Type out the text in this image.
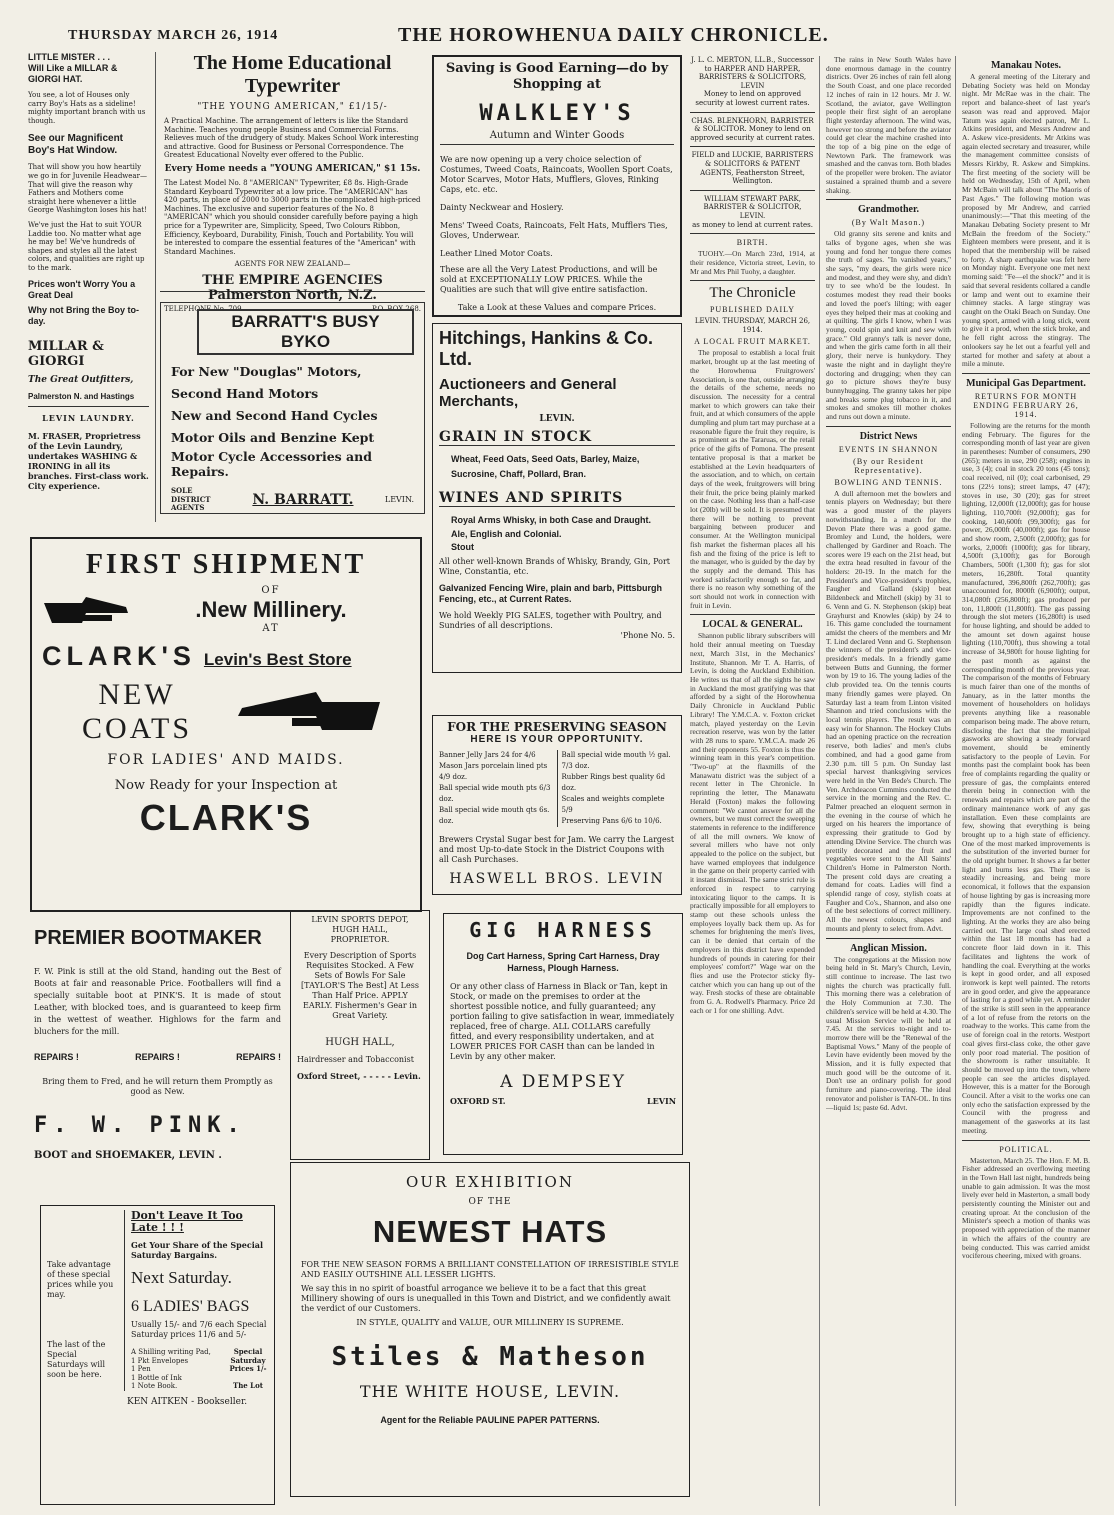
THURSDAY MARCH 26, 1914	THE HOROWHENUA DAILY CHRONICLE.
LITTLE MISTER . . .
Will Like a MILLAR & GIORGI HAT.
You see, a lot of Houses only carry Boy's Hats as a sideline! mighty important branch with us though.
See our Magnificent Boy's Hat Window.
That will show you how heartily we go in for Juvenile Headwear—That will give the reason why Fathers and Mothers come straight here whenever a little George Washington loses his hat!
We've just the Hat to suit YOUR Laddie too. No matter what age he may be! We've hundreds of shapes and styles all the latest colors, and qualities are right up to the mark.
Prices won't Worry You a Great Deal
Why not Bring the Boy to-day.
MILLAR & GIORGI
The Great Outfitters,
Palmerston N. and Hastings
LEVIN LAUNDRY.
M. FRASER, Proprietress of the Levin Laundry, undertakes WASHING & IRONING in all its branches. First-class work. City experience.
The Home Educational Typewriter
"THE YOUNG AMERICAN," £1/15/-
A Practical Machine. The arrangement of letters is like the Standard Machine. Teaches young people Business and Commercial Forms. Relieves much of the drudgery of study. Makes School Work interesting and attractive. Good for Business or Personal Correspondence. The Greatest Educational Novelty ever offered to the Public.
Every Home needs a "YOUNG AMERICAN," $1 15s.
The Latest Model No. 8 "AMERICAN" Typewriter, £8 8s. High-Grade Standard Keyboard Typewriter at a low price. The "AMERICAN" has 420 parts, in place of 2000 to 3000 parts in the complicated high-priced Machines. The exclusive and superior features of the No. 8 "AMERICAN" which you should consider carefully before paying a high price for a Typewriter are, Simplicity, Speed, Two Colours Ribbon, Efficiency, Keyboard, Durability, Finish, Touch and Portability. You will be interested to compare the essential features of the "American" with Standard Machines.
AGENTS FOR NEW ZEALAND—
THE EMPIRE AGENCIES Palmerston North, N.Z.
TELEPHONE No. 709.	P.O. BOX 268.
BARRATT'S BUSY BYKO
For New "Douglas" Motors,
Second Hand Motors
New and Second Hand Cycles
Motor Oils and Benzine Kept
Motor Cycle Accessories and Repairs.
SOLE DISTRICT AGENTS	N. BARRATT.	LEVIN.
FIRST SHIPMENT
OF
.New Millinery.
AT
CLARK'S Levin's Best Store
NEW
COATS
FOR LADIES' AND MAIDS.
Now Ready for your Inspection at
CLARK'S
PREMIER BOOTMAKER
F. W. Pink is still at the old Stand, handing out the Best of Boots at fair and reasonable Price. Footballers will find a specially suitable boot at PINK'S. It is made of stout Leather, with blocked toes, and is guaranteed to keep firm in the wettest of weather. Highlows for the farm and bluchers for the mill.
REPAIRS !	REPAIRS !	REPAIRS !
Bring them to Fred, and he will return them Promptly as good as New.
F. W. PINK.
BOOT and SHOEMAKER, LEVIN .
LEVIN SPORTS DEPOT,
HUGH HALL,
PROPRIETOR.
Every Description of Sports Requisites Stocked. A Few Sets of Bowls For Sale [TAYLOR'S The Best] At Less Than Half Price. APPLY EARLY. Fishermen's Gear in Great Variety.
HUGH HALL,
Hairdresser and Tobacconist
Oxford Street, - - - - - Levin.
Take advantage of these special prices while you may.
The last of the Special Saturdays will soon be here.
Don't Leave It Too Late ! ! !
Get Your Share of the Special Saturday Bargains.
Next Saturday.
6 LADIES' BAGS
Usually 15/- and 7/6 each Special Saturday prices 11/6 and 5/-
A Shilling writing Pad,
1 Pkt Envelopes
1 Pen
1 Bottle of Ink
1 Note Book.
Special Saturday Prices 1/-
The Lot
KEN AITKEN - Bookseller.
Saving is Good Earning—do by Shopping at
WALKLEY'S
Autumn and Winter Goods
We are now opening up a very choice selection of Costumes, Tweed Coats, Raincoats, Woollen Sport Coats, Motor Scarves, Motor Hats, Mufflers, Gloves, Rinking Caps, etc. etc.
Dainty Neckwear and Hosiery.
Mens' Tweed Coats, Raincoats, Felt Hats, Mufflers Ties, Gloves, Underwear.
Leather Lined Motor Coats.
These are all the Very Latest Productions, and will be sold at EXCEPTIONALLY LOW PRICES. While the Qualities are such that will give entire satisfaction.
Take a Look at these Values and compare Prices.
Hitchings, Hankins & Co. Ltd.
Auctioneers and General Merchants,
LEVIN.
GRAIN IN STOCK
Wheat, Feed Oats, Seed Oats, Barley, Maize, Sucrosine, Chaff, Pollard, Bran.
WINES AND SPIRITS
Royal Arms Whisky, in both Case and Draught.
Ale, English and Colonial.
Stout
All other well-known Brands of Whisky, Brandy, Gin, Port Wine, Constantia, etc.
Galvanized Fencing Wire, plain and barb, Pittsburgh Fencing, etc., at Current Rates.
We hold Weekly PIG SALES, together with Poultry, and Sundries of all descriptions.
'Phone No. 5.
FOR THE PRESERVING SEASON
HERE IS YOUR OPPORTUNITY.
Banner Jelly Jars 24 for 4/6
Mason Jars porcelain lined pts 4/9 doz.
Ball special wide mouth pts 6/3 doz.
Ball special wide mouth qts 6s. doz.
Ball special wide mouth ½ gal. 7/3 doz.
Rubber Rings best quality 6d doz.
Scales and weights complete 5/9
Preserving Pans 6/6 to 10/6.
Brewers Crystal Sugar best for Jam. We carry the Largest and most Up-to-date Stock in the District Coupons with all Cash Purchases.
HASWELL BROS. LEVIN
GIG HARNESS
Dog Cart Harness, Spring Cart Harness, Dray Harness, Plough Harness.
Or any other class of Harness in Black or Tan, kept in Stock, or made on the premises to order at the shortest possible notice, and fully guaranteed; any portion failing to give satisfaction in wear, immediately replaced, free of charge. ALL COLLARS carefully fitted, and every responsibility undertaken, and at LOWER PRICES FOR CASH than can be landed in Levin by any other maker.
A DEMPSEY
OXFORD ST.	LEVIN
OUR EXHIBITION
OF THE
NEWEST HATS
FOR THE NEW SEASON FORMS A BRILLIANT CONSTELLATION OF IRRESISTIBLE STYLE AND EASILY OUTSHINE ALL LESSER LIGHTS.
We say this in no spirit of boastful arrogance we believe it to be a fact that this great Millinery showing of ours is unequalled in this Town and District, and we confidently await the verdict of our Customers.
IN STYLE, QUALITY and VALUE, OUR MILLINERY IS SUPREME.
Stiles & Matheson
THE WHITE HOUSE, LEVIN.
Agent for the Reliable PAULINE PAPER PATTERNS.
J. L. C. MERTON, LL.B., Successor to HARPER AND HARPER, BARRISTERS & SOLICITORS, LEVIN
Money to lend on approved security at lowest current rates.
CHAS. BLENKHORN, BARRISTER & SOLICITOR. Money to lend on approved security at current rates.
FIELD and LUCKIE, BARRISTERS & SOLICITORS & PATENT AGENTS, Featherston Street, Wellington.
WILLIAM STEWART PARK, BARRISTER & SOLICITOR, LEVIN.
as money to lend at current rates.
BIRTH.

TUOHY.—On March 23rd, 1914, at their residence, Victoria street, Levin, to Mr and Mrs Phil Tuohy, a daughter.

The Chronicle
PUBLISHED DAILY
LEVIN. THURSDAY, MARCH 26, 1914.
A LOCAL FRUIT MARKET.

The proposal to establish a local fruit market, brought up at the last meeting of the Horowhenua Fruitgrowers' Association, is one that, outside arranging the details of the scheme, needs no discussion. The necessity for a central market to which growers can take their fruit, and at which consumers of the apple dumpling and plum tart may purchase at a reasonable figure the fruit they require, is as prominent as the Tararuas, or the retail price of the gifts of Pomona. The present tentative proposal is that a market be established at the Levin headquarters of the association, and to which, on certain days of the week, fruitgrowers will bring their fruit, the price being plainly marked on the case. Nothing less than a half-case lot (20lb) will be sold. It is presumed that there will be nothing to prevent bargaining between producer and consumer. At the Wellington municipal fish market the fisherman places all his fish and the fixing of the price is left to the manager, who is guided by the day by the supply and the demand. This has worked satisfactorily enough so far, and there is no reason why something of the sort should not work in connection with fruit in Levin.

LOCAL & GENERAL.

Shannon public library subscribers will hold their annual meeting on Tuesday next, March 31st, in the Mechanics' Institute, Shannon. Mr T. A. Harris, of Levin, is doing the Auckland Exhibition. He writes us that of all the sights he saw in Auckland the most gratifying was that afforded by a sight of the Horowhenua Daily Chronicle in Auckland Public Library! The Y.M.C.A. v. Foxton cricket match, played yesterday on the Levin recreation reserve, was won by the latter with 28 runs to spare. Y.M.C.A. made 26 and their opponents 55. Foxton is thus the winning team in this year's competition. "Two-up" at the flaxmills of the Manawatu district was the subject of a recent letter in The Chronicle. In reprinting the letter, The Manawatu Herald (Foxton) makes the following comment: "We cannot answer for all the owners, but we must correct the sweeping statements in reference to the indifference of all the mill owners. We know of several millers who have not only appealed to the police on the subject, but have warned employees that indulgence in the game on their property carried with it instant dismissal. The same strict rule is enforced in respect to carrying intoxicating liquor to the camps. It is practically impossible for all employers to stamp out these schools unless the employees loyally back them up. As for schemes for brightening the men's lives, can it be denied that certain of the employers in this district have expended hundreds of pounds in catering for their employees' comfort?" Wage war on the flies and use the Protector sticky fly-catcher which you can hang up out of the way. Fresh stocks of these are obtainable from G. A. Rodwell's Pharmacy. Price 2d each or 1 for one shilling. Advt.

The rains in New South Wales have done enormous damage in the country districts. Over 26 inches of rain fell along the South Coast, and one place recorded 12 inches of rain in 12 hours. Mr J. W. Scotland, the aviator, gave Wellington people their first sight of an aeroplane flight yesterday afternoon. The wind was, however too strong and before the aviator could get clear the machine crashed into the top of a big pine on the edge of Newtown Park. The framework was smashed and the canvas torn. Both blades of the propeller were broken. The aviator sustained a sprained thumb and a severe shaking.

Grandmother.
(By Walt Mason.)

Old granny sits serene and knits and talks of bygone ages, when she was young and fond her tongue there comes the truth of sages. "In vanished years," she says, "my dears, the girls were nice and modest, and they were shy, and didn't try to see who'd be the loudest. In costumes modest they read their books and loved the poet's lilting; with eager eyes they helped their mas at cooking and at quilting. The girls I know, when I was young, could spin and knit and sew with grace." Old granny's talk is never done, and when the girls came forth in all their glory, their nerve is hunkydory. They waste the night and in daylight they're doctoring and drugging; when they can go to picture shows they're busy bunnyhugging. The granny takes her pipe and breaks some plug tobacco in it, and smokes and smokes till mother chokes and runs out down a minute.

District News
EVENTS IN SHANNON
(By our Resident Representative).
BOWLING AND TENNIS.

A dull afternoon met the bowlers and tennis players on Wednesday; but there was a good muster of the players notwithstanding. In a match for the Devon Plate there was a good game. Bromley and Lund, the holders, were challenged by Gardiner and Roach. The scores were 19 each on the 21st head, but the extra head resulted in favour of the holders: 20-19. In the match for the President's and Vice-president's trophies, Faugher and Galland (skip) beat Bildenbeck and Mitchell (skip) by 31 to 6. Venn and G. N. Stephenson (skip) beat Grayhurst and Knowles (skip) by 24 to 16. This game concluded the tournament amidst the cheers of the members and Mr T. Lind declared Venn and G. Stephenson the winners of the president's and vice-president's medals. In a friendly game between Butts and Gunning, the former won by 19 to 16. The young ladies of the club provided tea. On the tennis courts many friendly games were played. On Saturday last a team from Linton visited Shannon and tried conclusions with the local tennis players. The result was an easy win for Shannon. The Hockey Clubs had an opening practice on the recreation reserve, both ladies' and men's clubs combined, and had a good game from 2.30 p.m. till 5 p.m. On Sunday last special harvest thanksgiving services were held in the Ven Bede's Church. The Ven. Archdeacon Cummins conducted the service in the morning and the Rev. C. Palmer preached an eloquent sermon in the evening in the course of which he urged on his hearers the importance of expressing their gratitude to God by attending Divine Service. The church was prettily decorated and the fruit and vegetables were sent to the All Saints' Children's Home in Palmerston North. The present cold days are creating a demand for coats. Ladies will find a splendid range of cosy, stylish coats at Faugher and Co's., Shannon, and also one of the best selections of correct millinery. All the newest colours, shapes and mounts and plenty to select from. Advt.

Anglican Mission.

The congregations at the Mission now being held in St. Mary's Church, Levin, still continue to increase. The last two nights the church was practically full. This morning there was a celebration of the Holy Communion at 7.30. The children's service will be held at 4.30. The usual Mission Service will be held at 7.45. At the services to-night and to-morrow there will be the "Renewal of the Baptismal Vows." Many of the people of Levin have evidently been moved by the Mission, and it is fully expected that much good will be the outcome of it. Don't use an ordinary polish for good furniture and piano-covering. The ideal renovator and polisher is TAN-OL. In tins—liquid 1s; paste 6d. Advt.

Manakau Notes.

A general meeting of the Literary and Debating Society was held on Monday night. Mr McRae was in the chair. The report and balance-sheet of last year's season was read and approved. Major Tatum was again elected patron, Mr L. Atkins president, and Messrs Andrew and A. Askew vice-presidents. Mr Atkins was again elected secretary and treasurer, while the management committee consists of Messrs Kirkby, R. Askew and Simpkins. The first meeting of the society will be held on Wednesday, 15th of April, when Mr McBain will talk about "The Maoris of Past Ages." The following motion was proposed by Mr Andrew, and carried unanimously:—"That this meeting of the Manakau Debating Society present to Mr McBain the freedom of the Society." Eighteen members were present, and it is hoped that the membership will be raised to forty. A sharp earthquake was felt here on Monday night. Everyone one met next morning said: "Fe—el the shock?" and it is said that several residents collared a candle or lamp and went out to examine their chimney stacks. A large stingray was caught on the Otaki Beach on Sunday. One young sport, armed with a long stick, went to give it a prod, when the stick broke, and he fell right across the stingray. The onlookers say he let out a fearful yell and started for mother and safety at about a mile a minute.

Municipal Gas Department.
RETURNS FOR MONTH ENDING FEBRUARY 26, 1914.

Following are the returns for the month ending February. The figures for the corresponding month of last year are given in parentheses: Number of consumers, 290 (265); meters in use, 290 (258); engines in use, 3 (4); coal in stock 20 tons (45 tons); coal received, nil (0); coal carbonised, 29 tons (22½ tons); street lamps, 47 (47); stoves in use, 30 (20); gas for street lighting, 12,000ft (12,000ft); gas for house lighting, 110,700ft (92,000ft); gas for cooking, 140,600ft (99,300ft); gas for power, 26,000ft (40,000ft); gas for house and show room, 2,500ft (2,000ft); gas for works, 2,000ft (1000ft); gas for library, 4,500ft (3,100ft); gas for Borough Chambers, 500ft (1,300 ft); gas for slot meters, 16,280ft. Total quantity manufactured, 396,800ft (262,700ft); gas unaccounted for, 8000ft (6,900ft); output, 314,080ft (256,800ft); gas produced per ton, 11,800ft (11,800ft). The gas passing through the slot meters (16,280ft) is used for house lighting, and should be added to the amount set down against house lighting (110,700ft), thus showing a total increase of 34,980ft for house lighting for the past month as against the corresponding month of the previous year. The comparison of the months of February is much fairer than one of the months of January, as in the latter months the movement of householders on holidays prevents anything like a reasonable comparison being made. The above return, disclosing the fact that the municipal gasworks are showing a steady forward movement, should be eminently satisfactory to the people of Levin. For months past the complaint book has been free of complaints regarding the quality or pressure of gas, the complaints entered therein being in connection with the renewals and repairs which are part of the ordinary maintenance work of any gas installation. Even these complaints are few, showing that everything is being brought up to a high state of efficiency. One of the most marked improvements is the substitution of the inverted burner for the old upright burner. It shows a far better light and burns less gas. Their use is steadily increasing, and being more economical, it follows that the expansion of house lighting by gas is increasing more rapidly than the figures indicate. Improvements are not confined to the lighting. At the works they are also being carried out. The large coal shed erected within the last 18 months has had a concrete floor laid down in it. This facilitates and lightens the work of handling the coal. Everything at the works is kept in good order, and all exposed ironwork is kept well painted. The retorts are in good order, and give the appearance of lasting for a good while yet. A reminder of the strike is still seen in the appearance of a lot of refuse from the retorts on the roadway to the works. This came from the use of foreign coal in the retorts. Westport coal gives first-class coke, the other gave only poor road material. The position of the showroom is rather unsuitable. It should be moved up into the town, where people can see the articles displayed. However, this is a matter for the Borough Council. After a visit to the works one can only echo the satisfaction expressed by the Council with the progress and management of the gasworks at its last meeting.

POLITICAL.

Masterton, March 25. The Hon. F. M. B. Fisher addressed an overflowing meeting in the Town Hall last night, hundreds being unable to gain admission. It was the most lively ever held in Masterton, a small body persistently counting the Minister out and creating uproar. At the conclusion of the Minister's speech a motion of thanks was proposed with appreciation of the manner in which the affairs of the country are being conducted. This was carried amidst vociferous cheering, mixed with groans.
